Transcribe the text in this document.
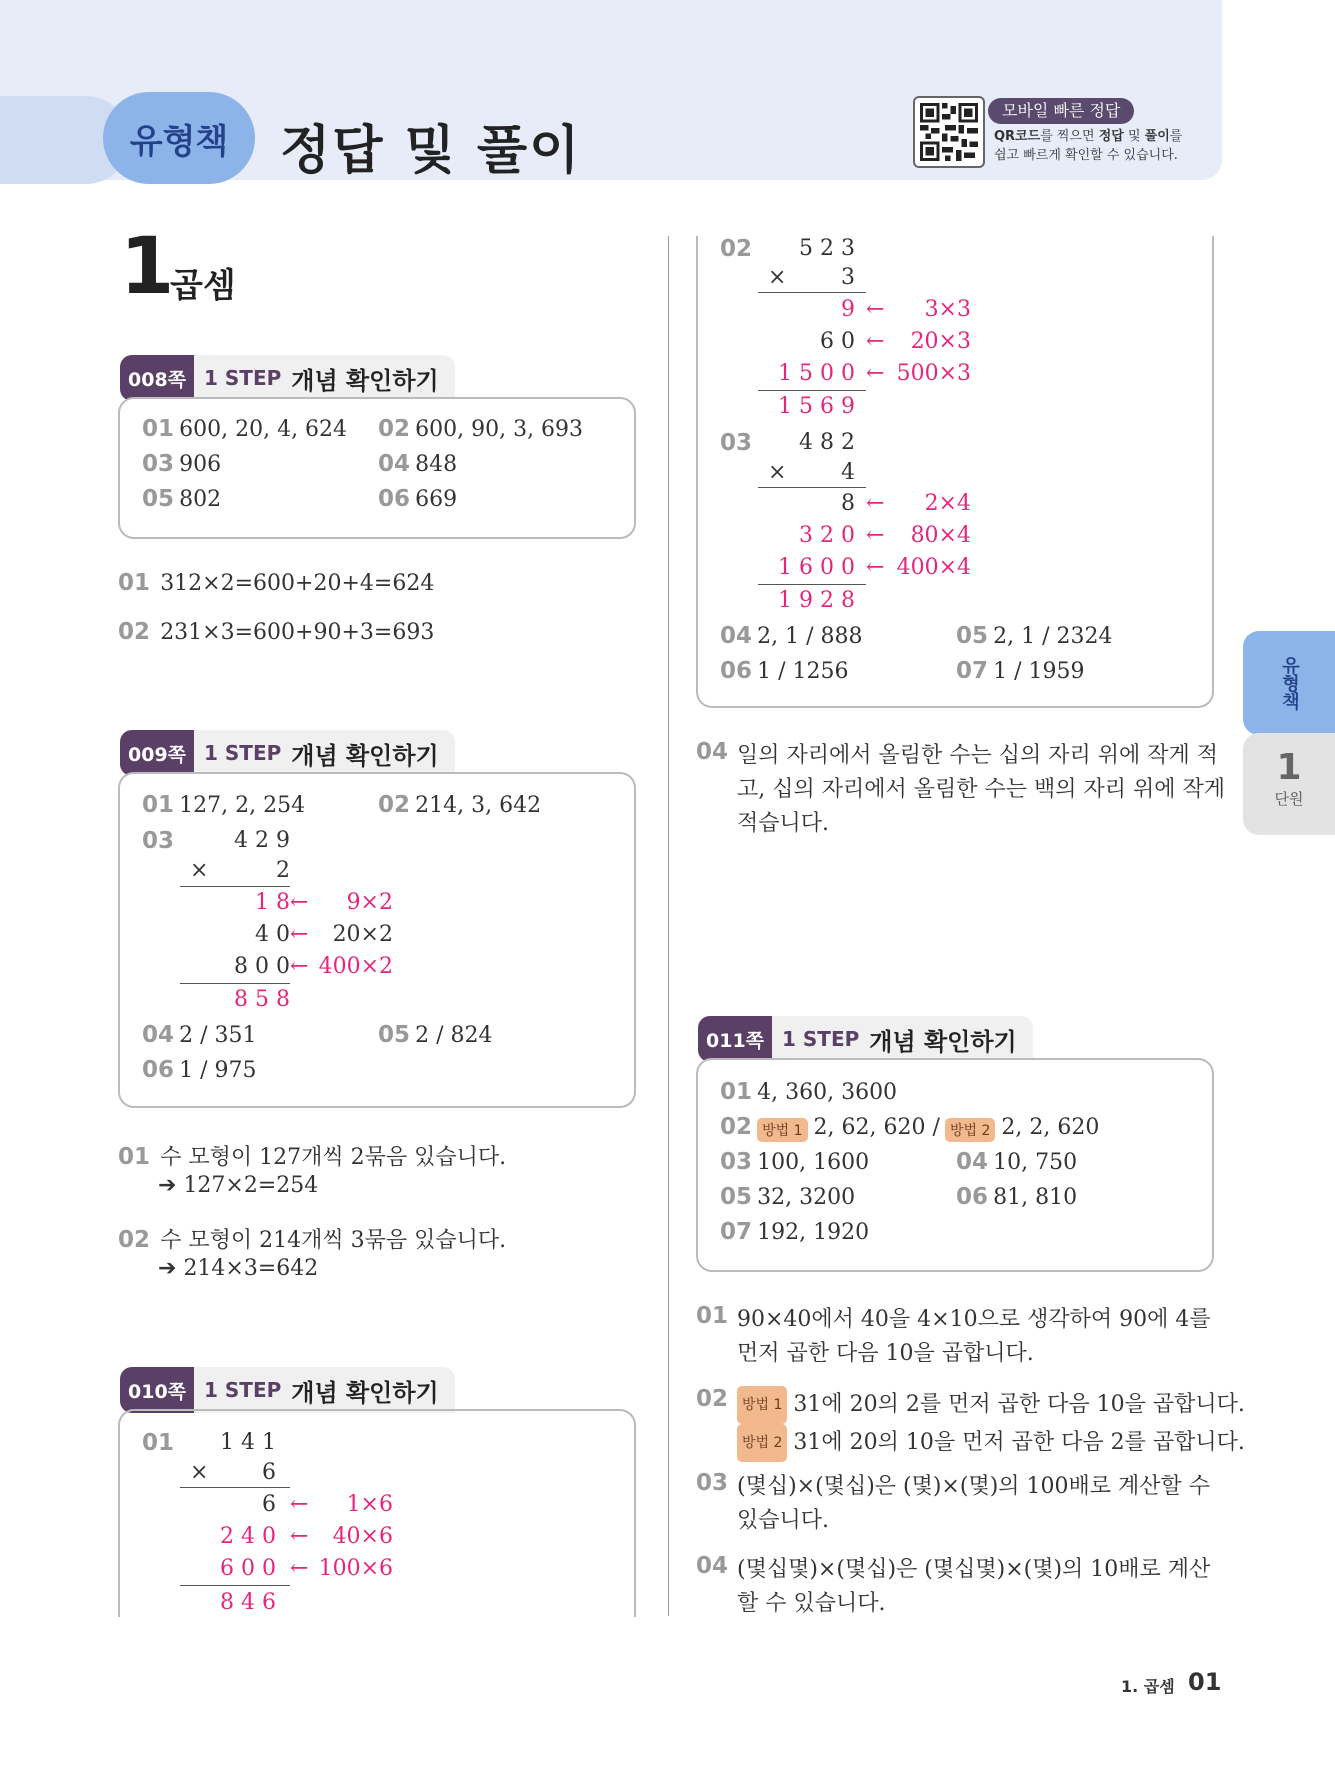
유형책 정답 및 풀이
모바일 빠른 정답
QR코드를 찍으면 정답 및 풀이를
쉽고 빠르게 확인할 수 있습니다.
1
곱셈
008쪽 1 STEP 개념 확인하기
01 600, 20, 4, 624 02 600, 90, 3, 693
03 906	04 848
05 802	06 669
01 312×2=600+20+4=624
02 231×3=600+90+3=693
009쪽 1 STEP 개념 확인하기
01 127, 2, 254	02 214, 3, 642
03	4 2 9
×	2
1 8 ←	9×2
4 0 ←	20×2
8 0 0 ← 400×2
8 5 8
04 2 / 351	05 2 / 824
06 1 / 975
01 수 모형이 127개씩 2묶음 있습니다.
➔ 127×2=254
02 수 모형이 214개씩 3묶음 있습니다.
➔ 214×3=642
010쪽 1 STEP 개념 확인하기
01	1 4 1
×	6
6 ←	1×6
2 4 0 ←	40×6
6 0 0 ← 100×6
8 4 6
02	5 2 3
×	3
9 ←	3×3
6 0 ←	20×3
1 5 0 0 ← 500×3
1 5 6 9
03	4 8 2
×	4
8 ←	2×4
3 2 0 ←	80×4
1 6 0 0 ← 400×4
1 9 2 8
04 2, 1 / 888	05 2, 1 / 2324
06 1 / 1256	07 1 / 1959
04 일의 자리에서 올림한 수는 십의 자리 위에 작게 적
고, 십의 자리에서 올림한 수는 백의 자리 위에 작게
적습니다.
011쪽 1 STEP 개념 확인하기
01 4, 360, 3600
02 방법 1 2, 62, 620 / 방법 2 2, 2, 620
03 100, 1600	04 10, 750
05 32, 3200	06 81, 810
07 192, 1920
01 90×40에서 40을 4×10으로 생각하여 90에 4를
먼저 곱한 다음 10을 곱합니다.
02 방법 1 31에 20의 2를 먼저 곱한 다음 10을 곱합니다.
방법 2 31에 20의 10을 먼저 곱한 다음 2를 곱합니다.
03 (몇십)×(몇십)은 (몇)×(몇)의 100배로 계산할 수
있습니다.
04 (몇십몇)×(몇십)은 (몇십몇)×(몇)의 10배로 계산
할 수 있습니다.
유형책
1
단원
1. 곱셈 01
